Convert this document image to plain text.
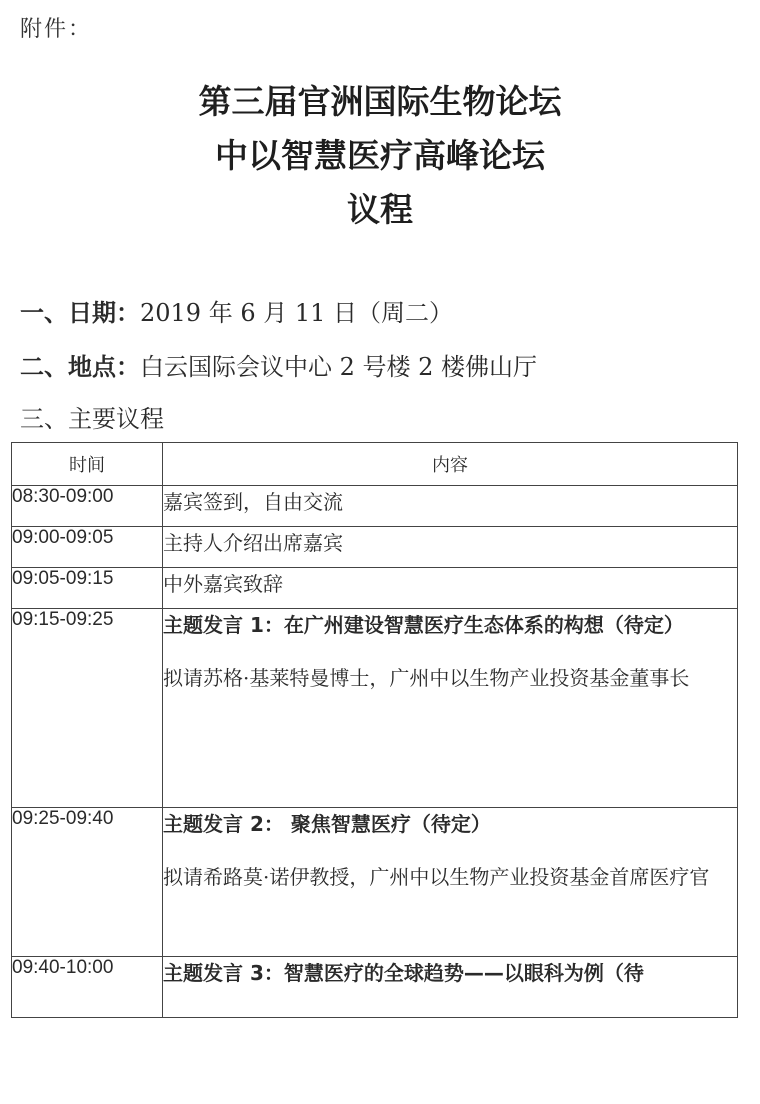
附件：
第三届官洲国际生物论坛
中以智慧医疗高峰论坛
议程
一、日期：2019 年 6 月 11 日（周二）
二、地点：白云国际会议中心 2 号楼 2 楼佛山厅
三、主要议程
时间	内容
08:30-09:00	嘉宾签到，自由交流

09:00-09:05	主持人介绍出席嘉宾

09:05-09:15	中外嘉宾致辞

09:15-09:25	主题发言 1：在广州建设智慧医疗生态体系的构想（待定）
拟请苏格·基莱特曼博士，广州中以生物产业投资基金董事长

09:25-09:40	主题发言 2： 聚焦智慧医疗（待定）
拟请希路莫·诺伊教授，广州中以生物产业投资基金首席医疗官

09:40-10:00	主题发言 3：智慧医疗的全球趋势——以眼科为例（待
